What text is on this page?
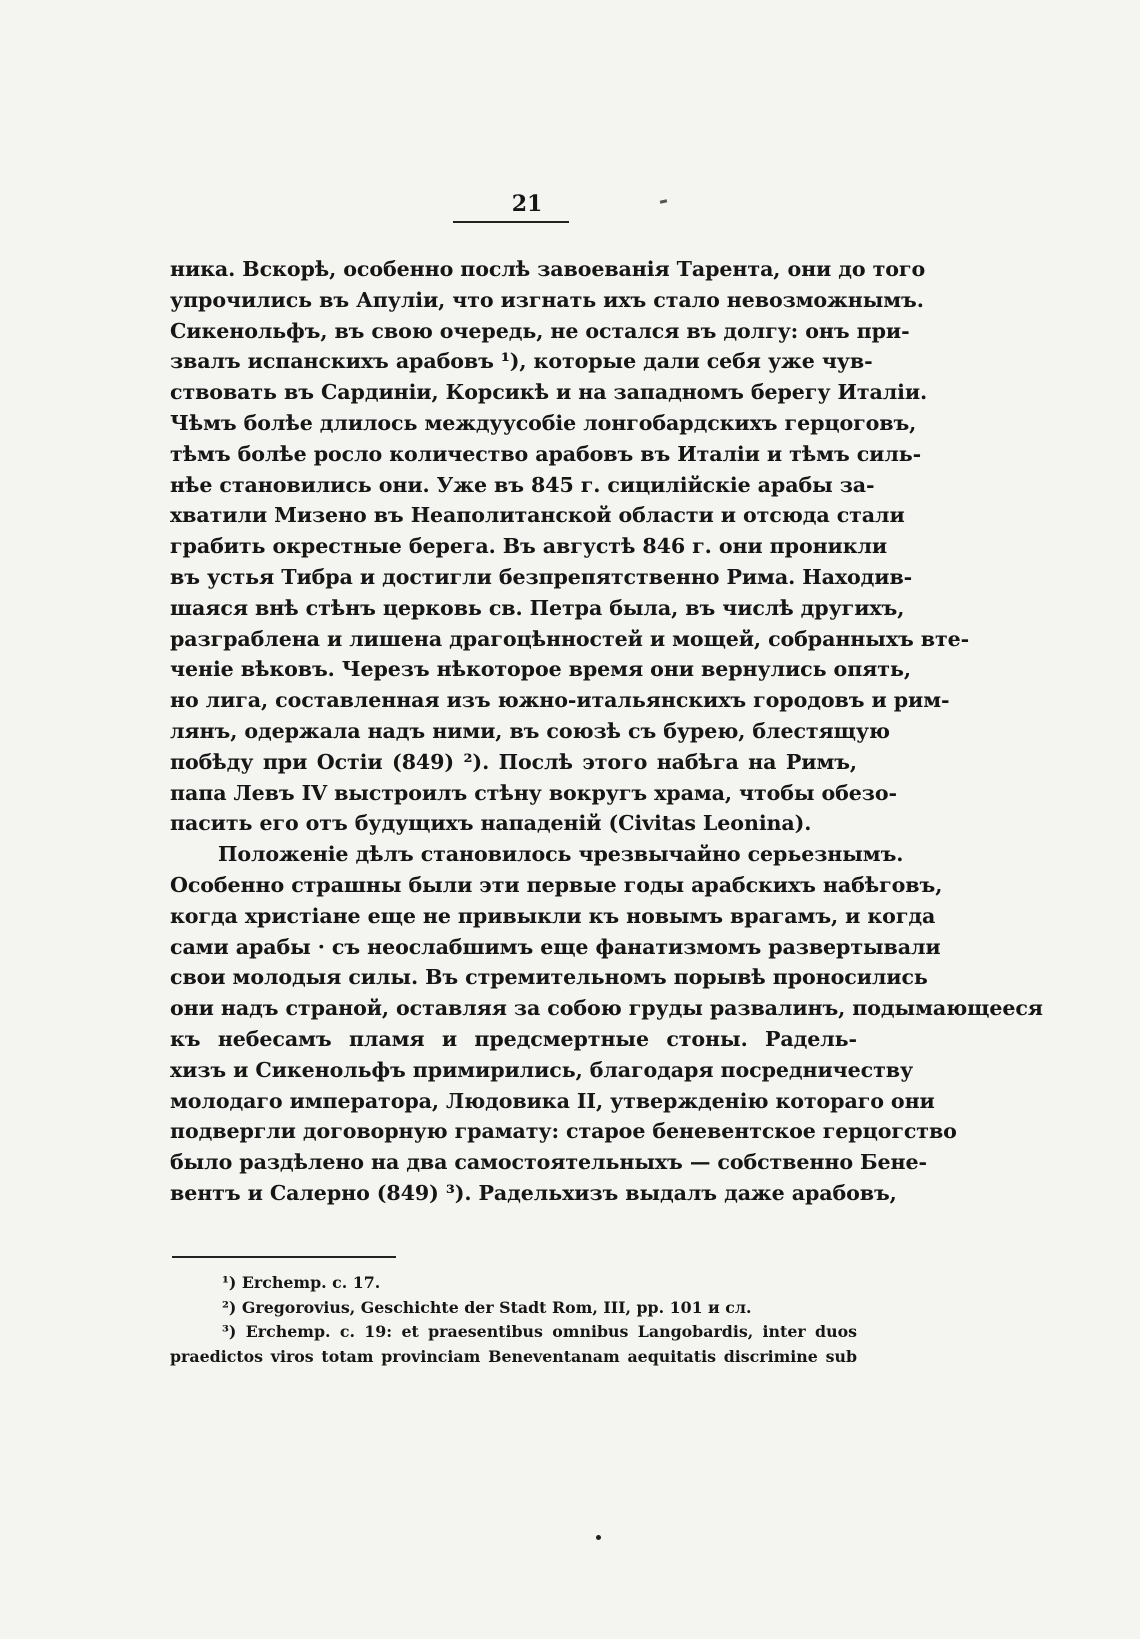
21
ника. Вскорѣ, особенно послѣ завоеванія Тарента, они до того
упрочились въ Апуліи, что изгнать ихъ стало невозможнымъ.
Сикенольфъ, въ свою очередь, не остался въ долгу: онъ при-
звалъ испанскихъ арабовъ ¹), которые дали себя уже чув-
ствовать въ Сардиніи, Корсикѣ и на западномъ берегу Италіи.
Чѣмъ болѣе длилось междуусобіе лонгобардскихъ герцоговъ,
тѣмъ болѣе росло количество арабовъ въ Италіи и тѣмъ силь-
нѣе становились они. Уже въ 845 г. сицилійскіе арабы за-
хватили Мизено въ Неаполитанской области и отсюда стали
грабить окрестные берега. Въ августѣ 846 г. они проникли
въ устья Тибра и достигли безпрепятственно Рима. Находив-
шаяся внѣ стѣнъ церковь св. Петра была, въ числѣ другихъ,
разграблена и лишена драгоцѣнностей и мощей, собранныхъ вте-
ченіе вѣковъ. Черезъ нѣкоторое время они вернулись опять,
но лига, составленная изъ южно-итальянскихъ городовъ и рим-
лянъ, одержала надъ ними, въ союзѣ съ бурею, блестящую
побѣду при Остіи (849) ²). Послѣ этого набѣга на Римъ,
папа Левъ IV выстроилъ стѣну вокругъ храма, чтобы обезо-
пасить его отъ будущихъ нападеній (Civitas Leonina).
Положеніе дѣлъ становилось чрезвычайно серьезнымъ.
Особенно страшны были эти первые годы арабскихъ набѣговъ,
когда христіане еще не привыкли къ новымъ врагамъ, и когда
сами арабы · съ неослабшимъ еще фанатизмомъ развертывали
свои молодыя силы. Въ стремительномъ порывѣ проносились
они надъ страной, оставляя за собою груды развалинъ, подымающееся
къ небесамъ пламя и предсмертные стоны. Радель-
хизъ и Сикенольфъ примирились, благодаря посредничеству
молодаго императора, Людовика II, утвержденію котораго они
подвергли договорную грамату: старое беневентское герцогство
было раздѣлено на два самостоятельныхъ — собственно Бене-
вентъ и Салерно (849) ³). Радельхизъ выдалъ даже арабовъ,
¹) Erchemp. c. 17.
²) Gregorovius, Geschichte der Stadt Rom, III, pp. 101 и сл.
³) Erchemp. c. 19: et praesentibus omnibus Langobardis, inter duos
praedictos viros totam provinciam Beneventanam aequitatis discrimine sub
